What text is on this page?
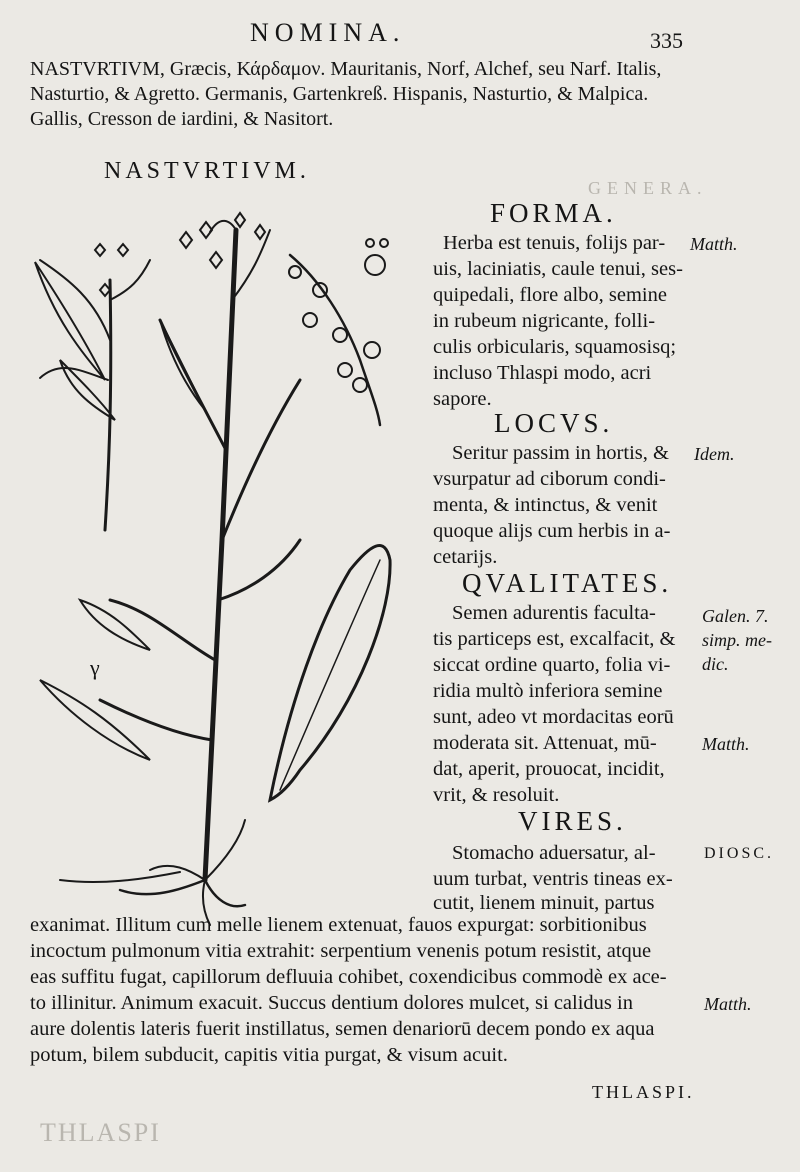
GENERA.
THLASPI
NOMINA.	335
NASTVRTIVM, Græcis, Κάρδαμον. Mauritanis, Norf, Alchef, seu Narf. Italis,
Nasturtio, & Agretto. Germanis, Gartenkreß. Hispanis, Nasturtio, & Malpica.
Gallis, Cresson de iardini, & Nasitort.
NASTVRTIVM.
γ
FORMA.
Herba est tenuis, folijs par-
uis, laciniatis, caule tenui, ses-
quipedali, flore albo, semine
in rubeum nigricante, folli-
culis orbicularis, squamosisq;
incluso Thlaspi modo, acri
sapore.
Matth.
LOCVS.
Seritur passim in hortis, &
vsurpatur ad ciborum condi-
menta, & intinctus, & venit
quoque alijs cum herbis in a-
cetarijs.
Idem.
QVALITATES.
Semen adurentis faculta-
tis particeps est, excalfacit, &
siccat ordine quarto, folia vi-
ridia multò inferiora semine
sunt, adeo vt mordacitas eorū
moderata sit. Attenuat, mū-
dat, aperit, prouocat, incidit,
vrit, & resoluit.
Galen. 7.
simp. me-
dic.
Matth.
VIRES.
Stomacho aduersatur, al-
uum turbat, ventris tineas ex-
cutit, lienem minuit, partus
DIOSC.
exanimat. Illitum cum melle lienem extenuat, fauos expurgat: sorbitionibus
incoctum pulmonum vitia extrahit: serpentium venenis potum resistit, atque
eas suffitu fugat, capillorum defluuia cohibet, coxendicibus commodè ex ace-
to illinitur. Animum exacuit. Succus dentium dolores mulcet, si calidus in
aure dolentis lateris fuerit instillatus, semen denariorū decem pondo ex aqua
potum, bilem subducit, capitis vitia purgat, & visum acuit.
Matth.
THLASPI.
